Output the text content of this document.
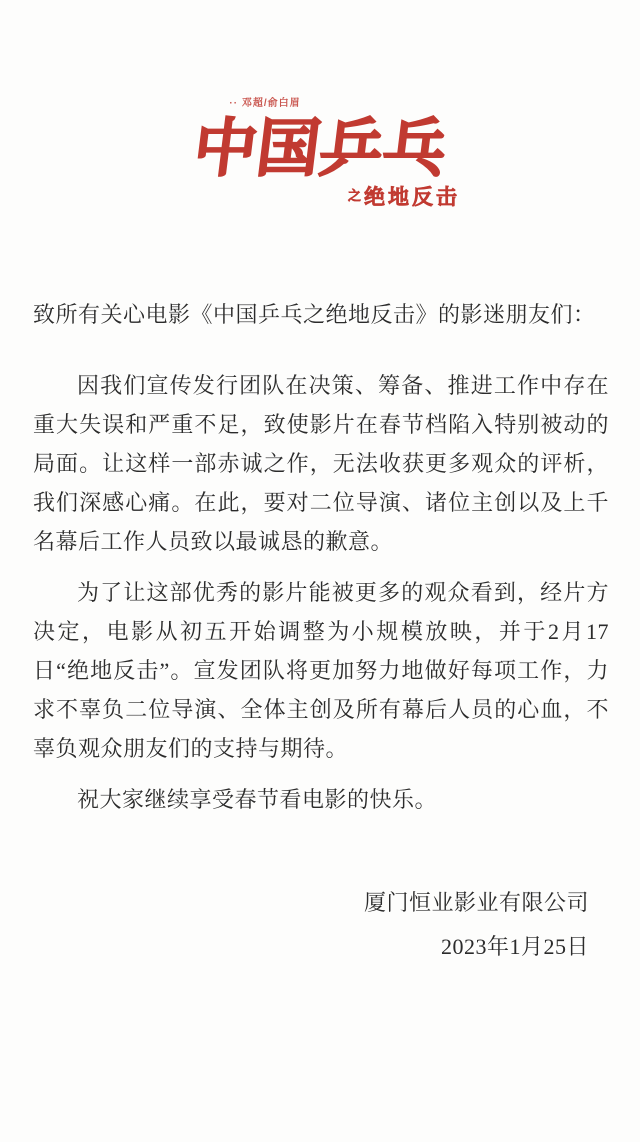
·· 邓超/俞白眉
中国乒乓
之绝地反击
致所有关心电影《中国乒乓之绝地反击》的影迷朋友们：

因我们宣传发行团队在决策、筹备、推进工作中存在重大失误和严重不足，致使影片在春节档陷入特别被动的局面。让这样一部赤诚之作，无法收获更多观众的评析，我们深感心痛。在此，要对二位导演、诸位主创以及上千名幕后工作人员致以最诚恳的歉意。

为了让这部优秀的影片能被更多的观众看到，经片方决定，电影从初五开始调整为小规模放映，并于2月17日“绝地反击”。宣发团队将更加努力地做好每项工作，力求不辜负二位导演、全体主创及所有幕后人员的心血，不辜负观众朋友们的支持与期待。

祝大家继续享受春节看电影的快乐。

厦门恒业影业有限公司
2023年1月25日
